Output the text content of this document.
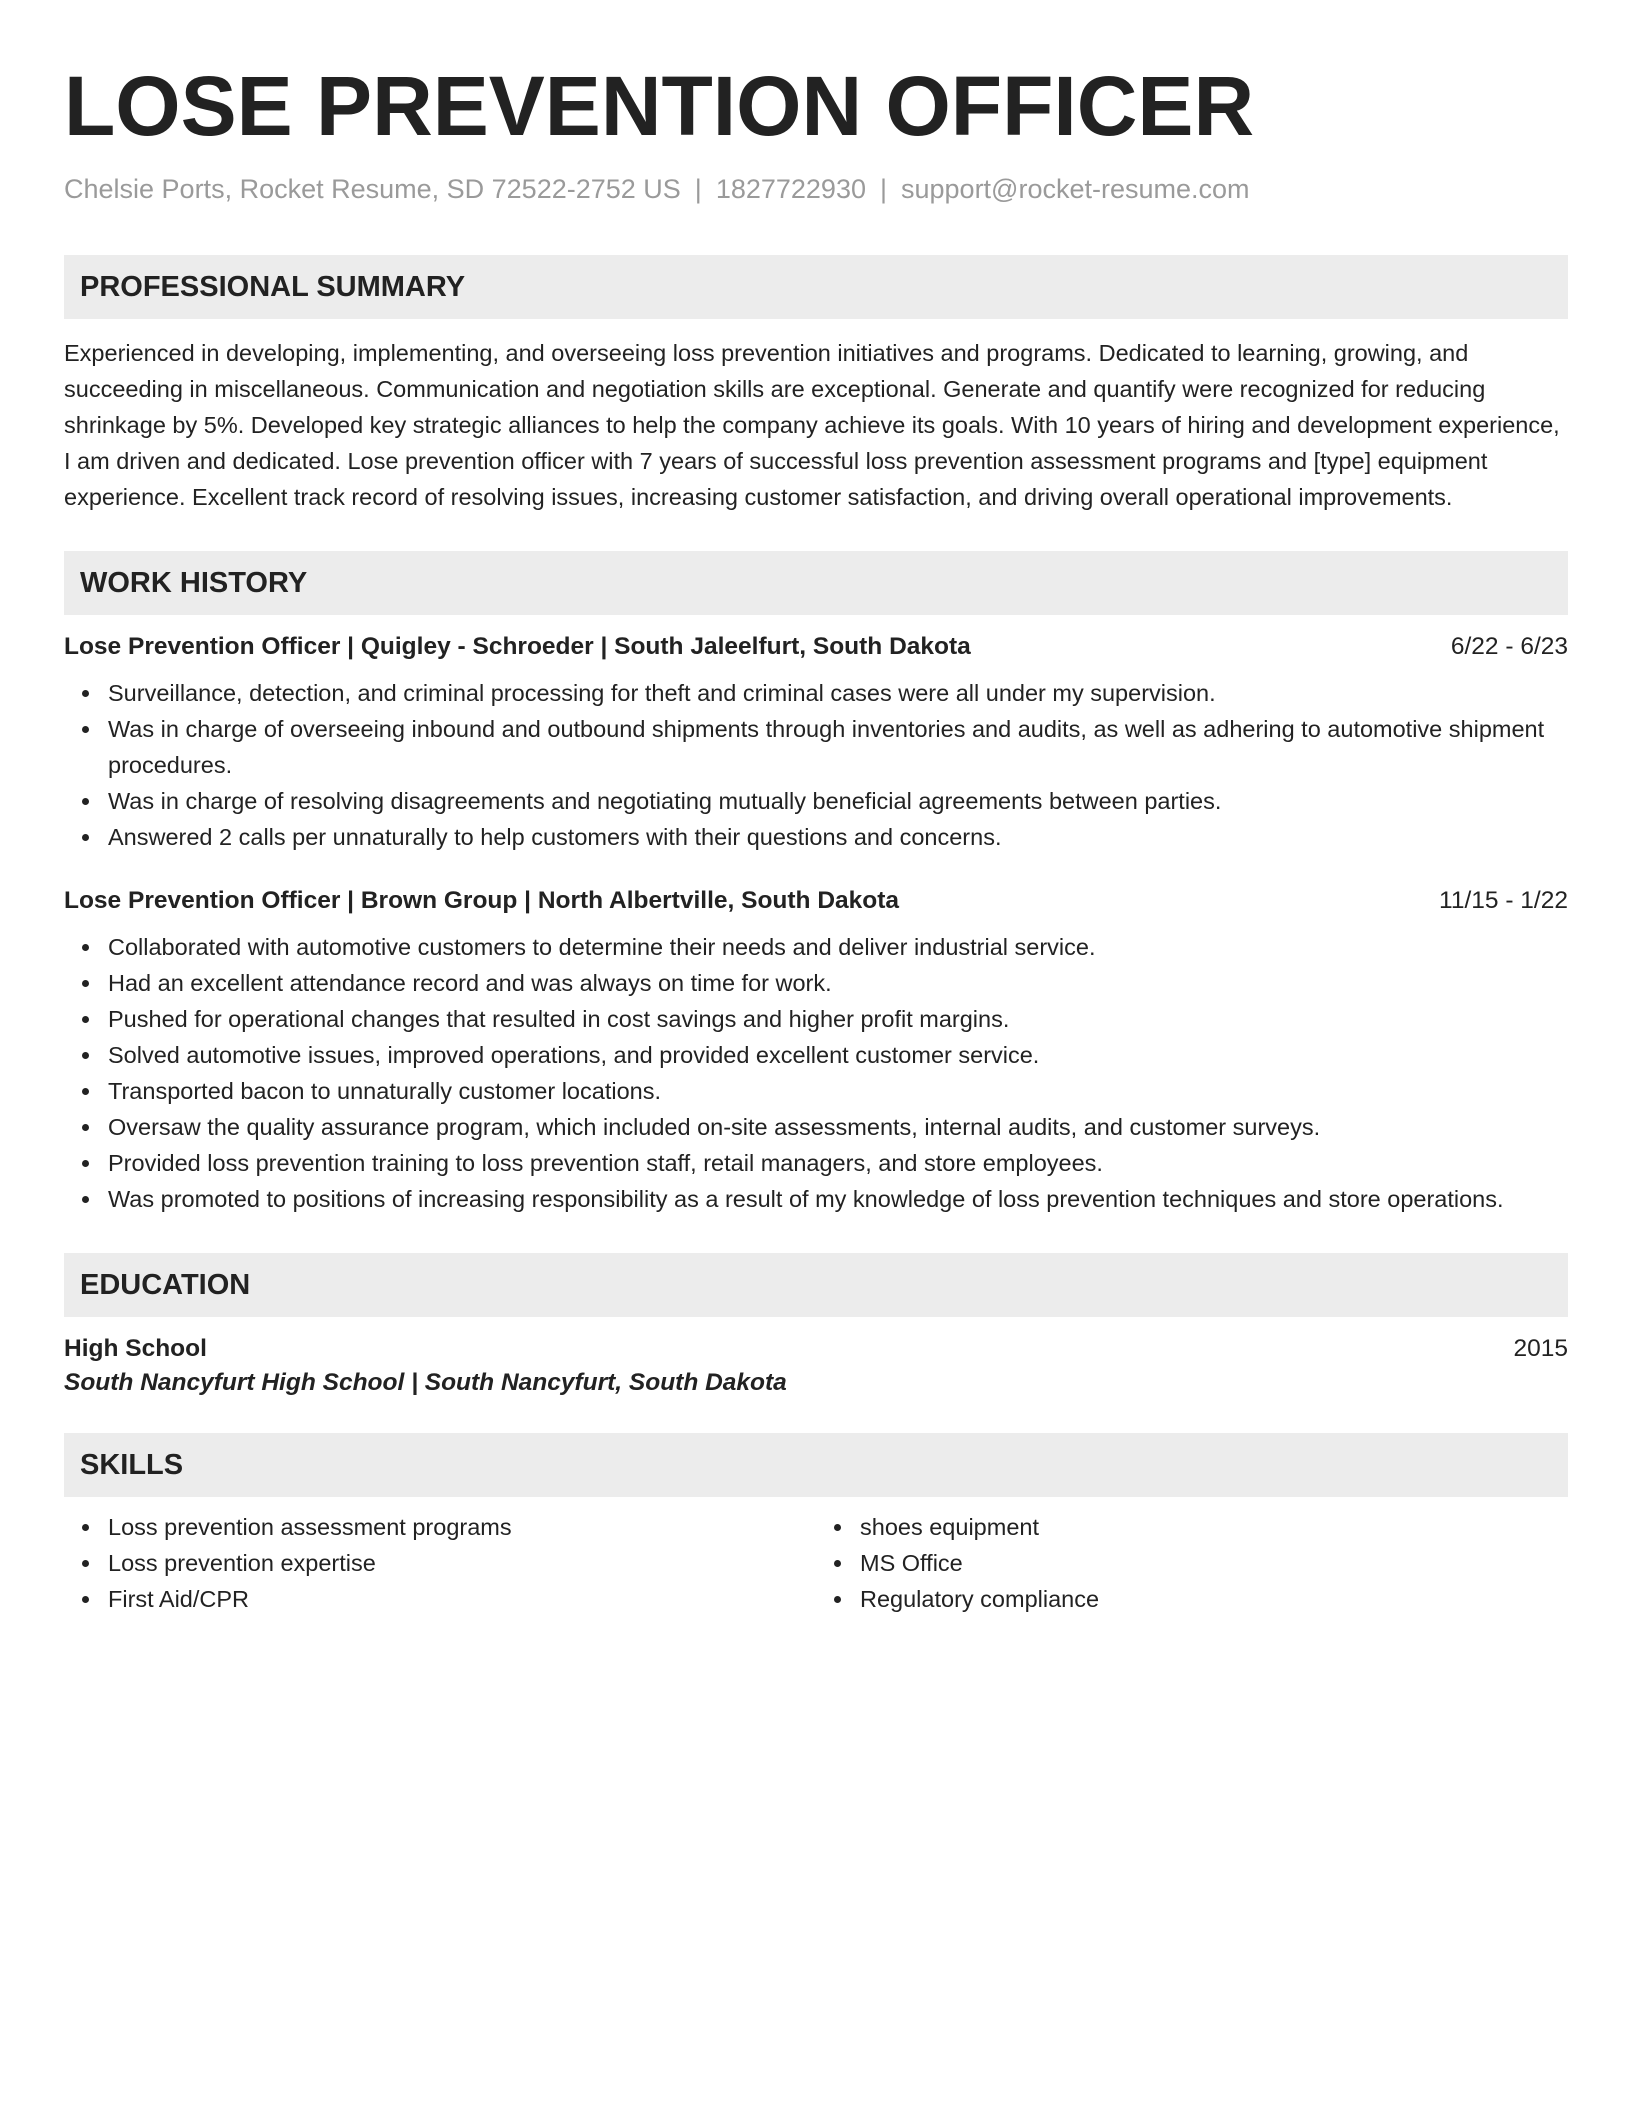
LOSE PREVENTION OFFICER
Chelsie Ports, Rocket Resume, SD 72522-2752 US | 1827722930 | support@rocket-resume.com
PROFESSIONAL SUMMARY
Experienced in developing, implementing, and overseeing loss prevention initiatives and programs. Dedicated to learning, growing, and succeeding in miscellaneous. Communication and negotiation skills are exceptional. Generate and quantify were recognized for reducing shrinkage by 5%. Developed key strategic alliances to help the company achieve its goals. With 10 years of hiring and development experience, I am driven and dedicated. Lose prevention officer with 7 years of successful loss prevention assessment programs and [type] equipment experience. Excellent track record of resolving issues, increasing customer satisfaction, and driving overall operational improvements.
WORK HISTORY
Lose Prevention Officer | Quigley - Schroeder | South Jaleelfurt, South Dakota	6/22 - 6/23
Surveillance, detection, and criminal processing for theft and criminal cases were all under my supervision.
Was in charge of overseeing inbound and outbound shipments through inventories and audits, as well as adhering to automotive shipment procedures.
Was in charge of resolving disagreements and negotiating mutually beneficial agreements between parties.
Answered 2 calls per unnaturally to help customers with their questions and concerns.
Lose Prevention Officer | Brown Group | North Albertville, South Dakota	11/15 - 1/22
Collaborated with automotive customers to determine their needs and deliver industrial service.
Had an excellent attendance record and was always on time for work.
Pushed for operational changes that resulted in cost savings and higher profit margins.
Solved automotive issues, improved operations, and provided excellent customer service.
Transported bacon to unnaturally customer locations.
Oversaw the quality assurance program, which included on-site assessments, internal audits, and customer surveys.
Provided loss prevention training to loss prevention staff, retail managers, and store employees.
Was promoted to positions of increasing responsibility as a result of my knowledge of loss prevention techniques and store operations.
EDUCATION
High School	2015
South Nancyfurt High School | South Nancyfurt, South Dakota
SKILLS
Loss prevention assessment programs
Loss prevention expertise
First Aid/CPR
shoes equipment
MS Office
Regulatory compliance
